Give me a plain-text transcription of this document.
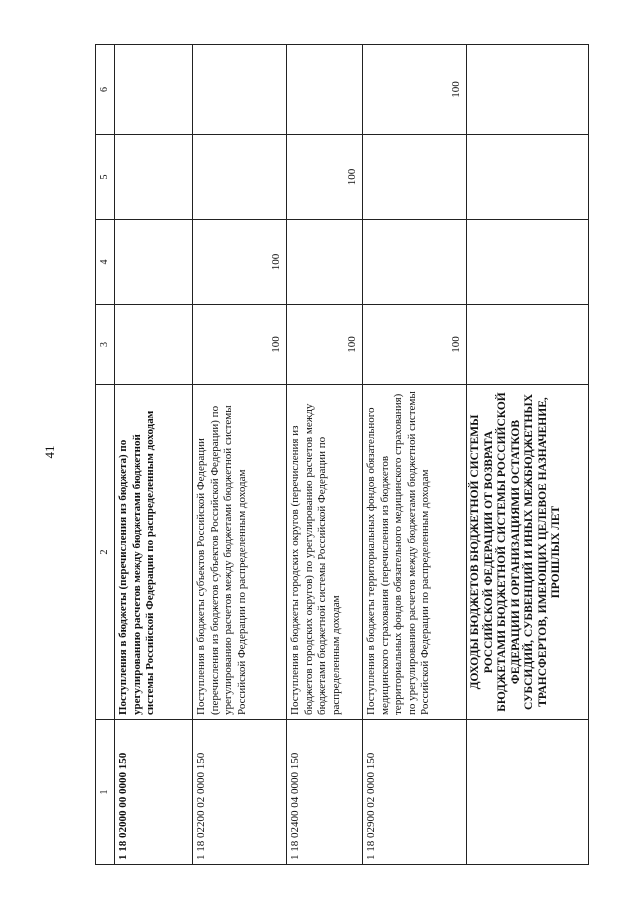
41
1	2	3	4	5	6
1 18 02000 00 0000 150	Поступления в бюджеты (перечисления из бюджета) по урегулированию расчетов между бюджетами бюджетной системы Российской Федерации по распределенным доходам				
1 18 02200 02 0000 150	Поступления в бюджеты субъектов Российской Федерации (перечисления из бюджетов субъектов Российской Федерации) по урегулированию расчетов между бюджетами бюджетной системы Российской Федерации по распределенным доходам	100	100		
1 18 02400 04 0000 150	Поступления в бюджеты городских округов (перечисления из бюджетов городских округов) по урегулированию расчетов между бюджетами бюджетной системы Российской Федерации по распределенным доходам	100		100	
1 18 02900 02 0000 150	Поступления в бюджеты территориальных фондов обязательного медицинского страхования (перечисления из бюджетов территориальных фондов обязательного медицинского страхования) по урегулированию расчетов между бюджетами бюджетной системы Российской Федерации по распределенным доходам	100			100
	ДОХОДЫ БЮДЖЕТОВ БЮДЖЕТНОЙ СИСТЕМЫ РОССИЙСКОЙ ФЕДЕРАЦИИ ОТ ВОЗВРАТА БЮДЖЕТАМИ БЮДЖЕТНОЙ СИСТЕМЫ РОССИЙСКОЙ ФЕДЕРАЦИИ И ОРГАНИЗАЦИЯМИ ОСТАТКОВ СУБСИДИЙ, СУБВЕНЦИЙ И ИНЫХ МЕЖБЮДЖЕТНЫХ ТРАНСФЕРТОВ, ИМЕЮЩИХ ЦЕЛЕВОЕ НАЗНАЧЕНИЕ, ПРОШЛЫХ ЛЕТ				
